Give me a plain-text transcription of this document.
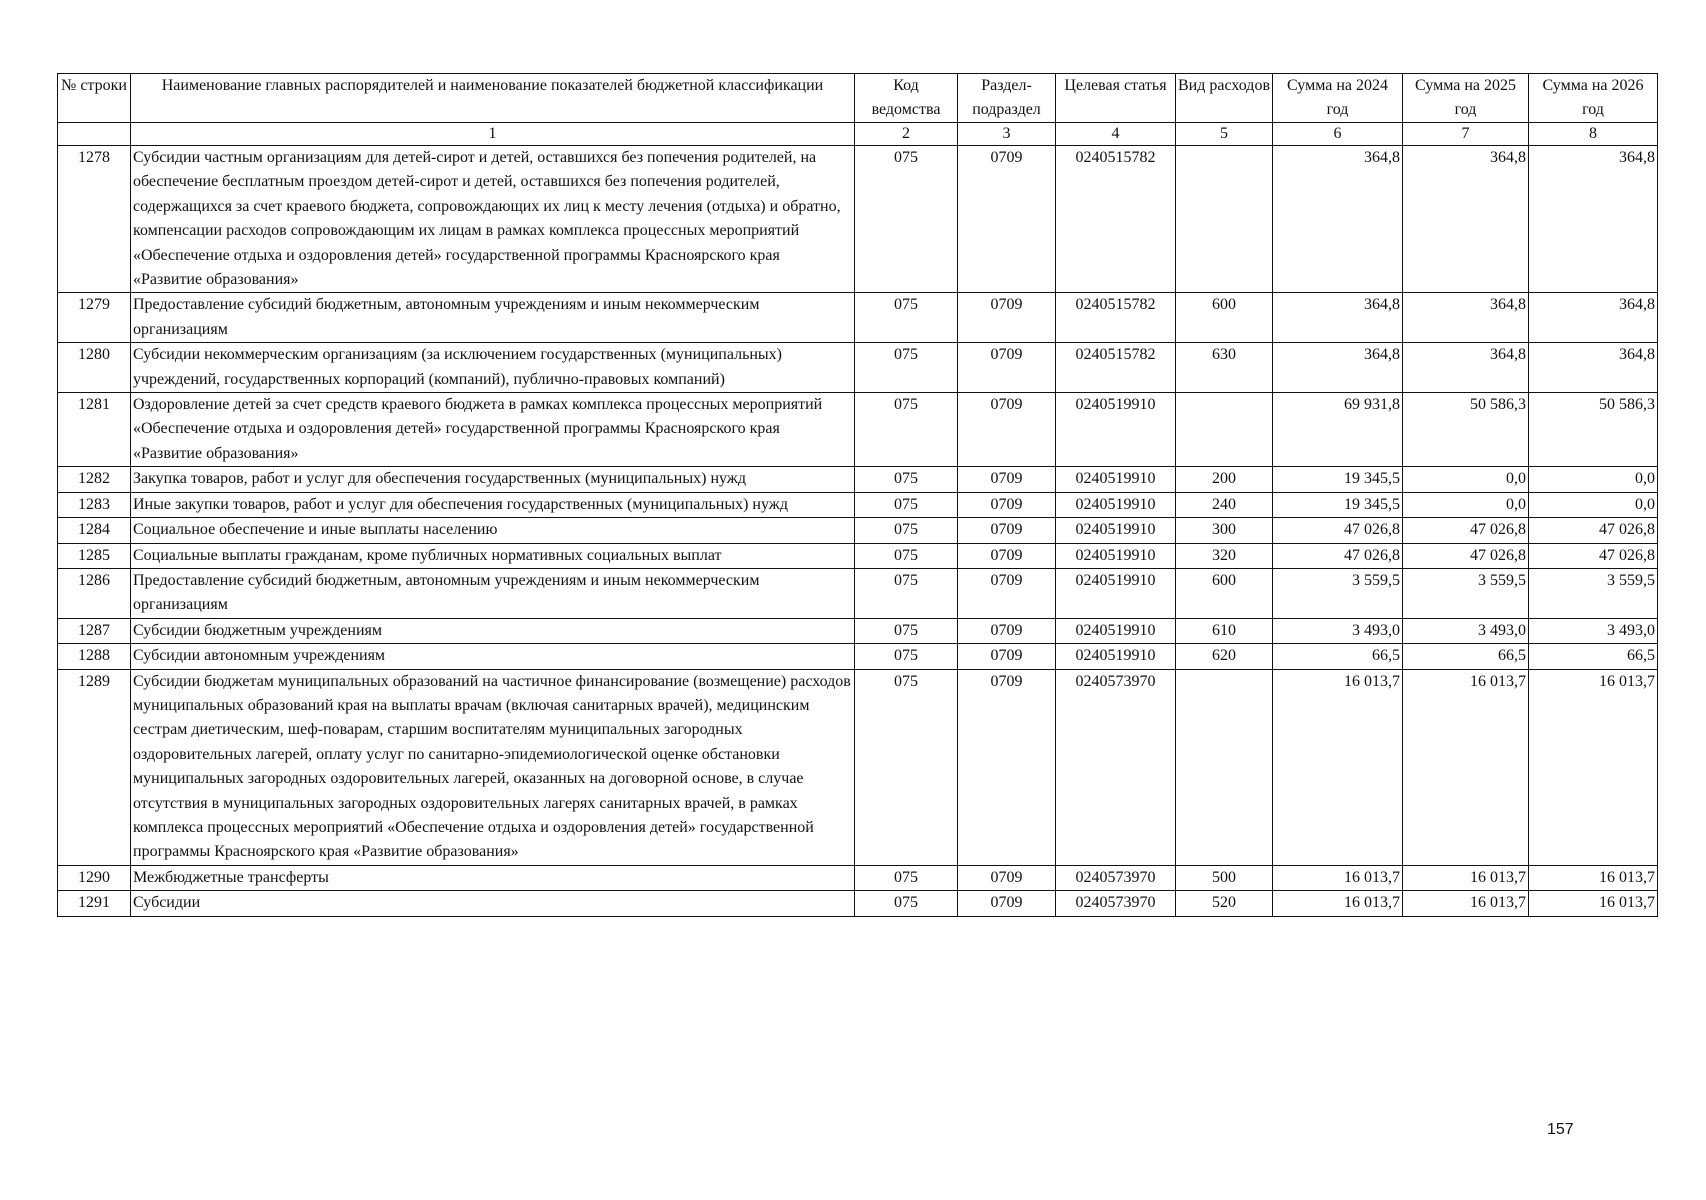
№ строки	Наименование главных распорядителей и наименование показателей бюджетной классификации	Код ведомства	Раздел-подраздел	Целевая статья	Вид расходов	Сумма на 2024 год	Сумма на 2025 год	Сумма на 2026 год
	1	2	3	4	5	6	7	8
1278	Субсидии частным организациям для детей-сирот и детей, оставшихся без попечения родителей, на обеспечение бесплатным проездом детей-сирот и детей, оставшихся без попечения родителей, содержащихся за счет краевого бюджета, сопровождающих их лиц к месту лечения (отдыха) и обратно, компенсации расходов сопровождающим их лицам в рамках комплекса процессных мероприятий «Обеспечение отдыха и оздоровления детей» государственной программы Красноярского края «Развитие образования»	075	0709	0240515782		364,8	364,8	364,8
1279	Предоставление субсидий бюджетным, автономным учреждениям и иным некоммерческим организациям	075	0709	0240515782	600	364,8	364,8	364,8
1280	Субсидии некоммерческим организациям (за исключением государственных (муниципальных) учреждений, государственных корпораций (компаний), публично-правовых компаний)	075	0709	0240515782	630	364,8	364,8	364,8
1281	Оздоровление детей за счет средств краевого бюджета в рамках комплекса процессных мероприятий «Обеспечение отдыха и оздоровления детей» государственной программы Красноярского края «Развитие образования»	075	0709	0240519910		69 931,8	50 586,3	50 586,3
1282	Закупка товаров, работ и услуг для обеспечения государственных (муниципальных) нужд	075	0709	0240519910	200	19 345,5	0,0	0,0
1283	Иные закупки товаров, работ и услуг для обеспечения государственных (муниципальных) нужд	075	0709	0240519910	240	19 345,5	0,0	0,0
1284	Социальное обеспечение и иные выплаты населению	075	0709	0240519910	300	47 026,8	47 026,8	47 026,8
1285	Социальные выплаты гражданам, кроме публичных нормативных социальных выплат	075	0709	0240519910	320	47 026,8	47 026,8	47 026,8
1286	Предоставление субсидий бюджетным, автономным учреждениям и иным некоммерческим организациям	075	0709	0240519910	600	3 559,5	3 559,5	3 559,5
1287	Субсидии бюджетным учреждениям	075	0709	0240519910	610	3 493,0	3 493,0	3 493,0
1288	Субсидии автономным учреждениям	075	0709	0240519910	620	66,5	66,5	66,5
1289	Субсидии бюджетам муниципальных образований на частичное финансирование (возмещение) расходов муниципальных образований края на выплаты врачам (включая санитарных врачей), медицинским сестрам диетическим, шеф-поварам, старшим воспитателям муниципальных загородных оздоровительных лагерей, оплату услуг по санитарно-эпидемиологической оценке обстановки муниципальных загородных оздоровительных лагерей, оказанных на договорной основе, в случае отсутствия в муниципальных загородных оздоровительных лагерях санитарных врачей, в рамках комплекса процессных мероприятий «Обеспечение отдыха и оздоровления детей» государственной программы Красноярского края «Развитие образования»	075	0709	0240573970		16 013,7	16 013,7	16 013,7
1290	Межбюджетные трансферты	075	0709	0240573970	500	16 013,7	16 013,7	16 013,7
1291	Субсидии	075	0709	0240573970	520	16 013,7	16 013,7	16 013,7
157
